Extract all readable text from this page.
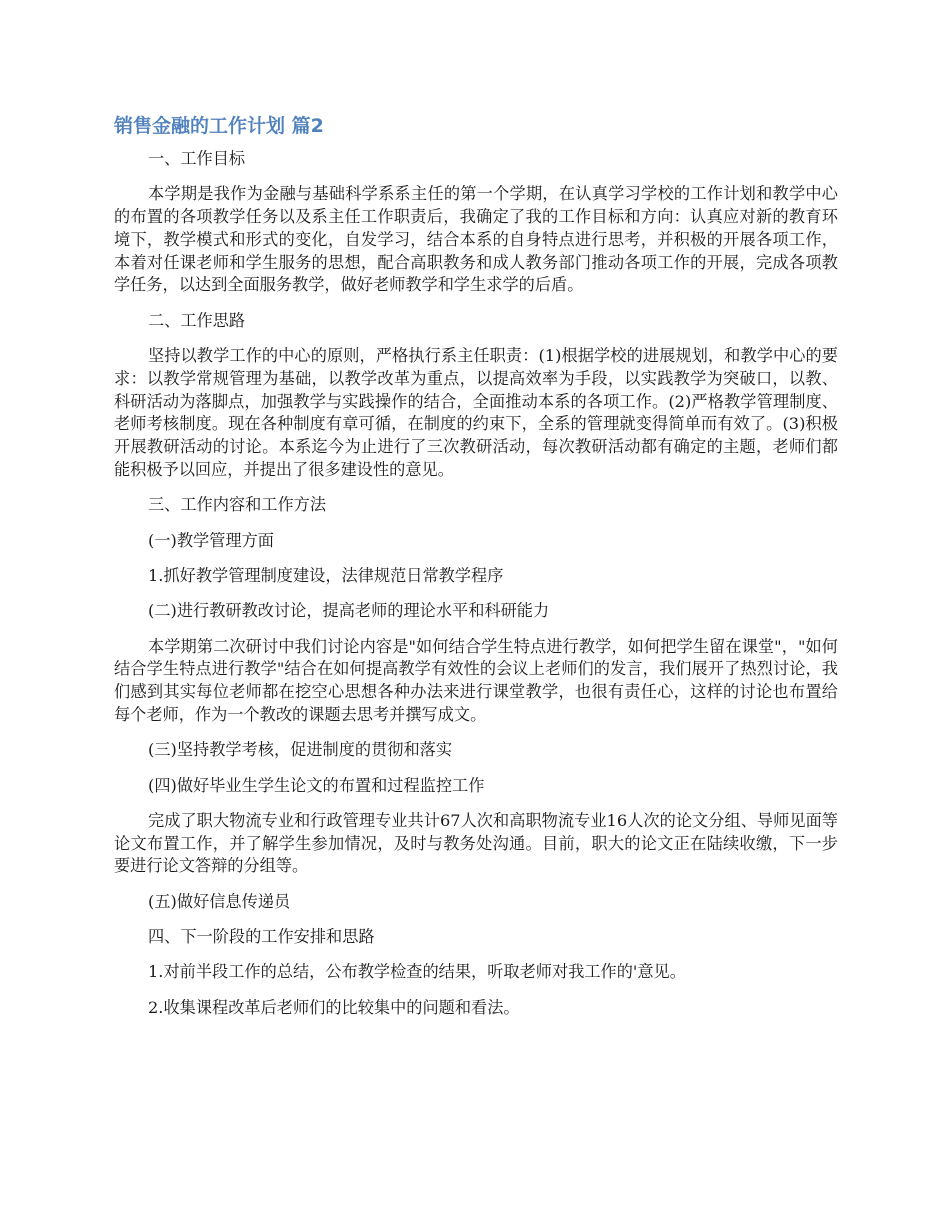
销售金融的工作计划 篇2

一、工作目标

本学期是我作为金融与基础科学系系主任的第一个学期，在认真学习学校的工作计划和教学中心的布置的各项教学任务以及系主任工作职责后，我确定了我的工作目标和方向：认真应对新的教育环境下，教学模式和形式的变化，自发学习，结合本系的自身特点进行思考，并积极的开展各项工作，本着对任课老师和学生服务的思想，配合高职教务和成人教务部门推动各项工作的开展，完成各项教学任务，以达到全面服务教学，做好老师教学和学生求学的后盾。

二、工作思路

坚持以教学工作的中心的原则，严格执行系主任职责：(1)根据学校的进展规划，和教学中心的要求：以教学常规管理为基础，以教学改革为重点，以提高效率为手段，以实践教学为突破口，以教、科研活动为落脚点，加强教学与实践操作的结合，全面推动本系的各项工作。(2)严格教学管理制度、老师考核制度。现在各种制度有章可循，在制度的约束下，全系的管理就变得简单而有效了。(3)积极开展教研活动的讨论。本系迄今为止进行了三次教研活动，每次教研活动都有确定的主题，老师们都能积极予以回应，并提出了很多建设性的意见。

三、工作内容和工作方法

(一)教学管理方面

1.抓好教学管理制度建设，法律规范日常教学程序

(二)进行教研教改讨论，提高老师的理论水平和科研能力

本学期第二次研讨中我们讨论内容是"如何结合学生特点进行教学，如何把学生留在课堂"，"如何结合学生特点进行教学"结合在如何提高教学有效性的会议上老师们的发言，我们展开了热烈讨论，我们感到其实每位老师都在挖空心思想各种办法来进行课堂教学，也很有责任心，这样的讨论也布置给每个老师，作为一个教改的课题去思考并撰写成文。

(三)坚持教学考核，促进制度的贯彻和落实

(四)做好毕业生学生论文的布置和过程监控工作

完成了职大物流专业和行政管理专业共计67人次和高职物流专业16人次的论文分组、导师见面等论文布置工作，并了解学生参加情况，及时与教务处沟通。目前，职大的论文正在陆续收缴，下一步要进行论文答辩的分组等。

(五)做好信息传递员

四、下一阶段的工作安排和思路

1.对前半段工作的总结，公布教学检查的结果，听取老师对我工作的'意见。

2.收集课程改革后老师们的比较集中的问题和看法。
